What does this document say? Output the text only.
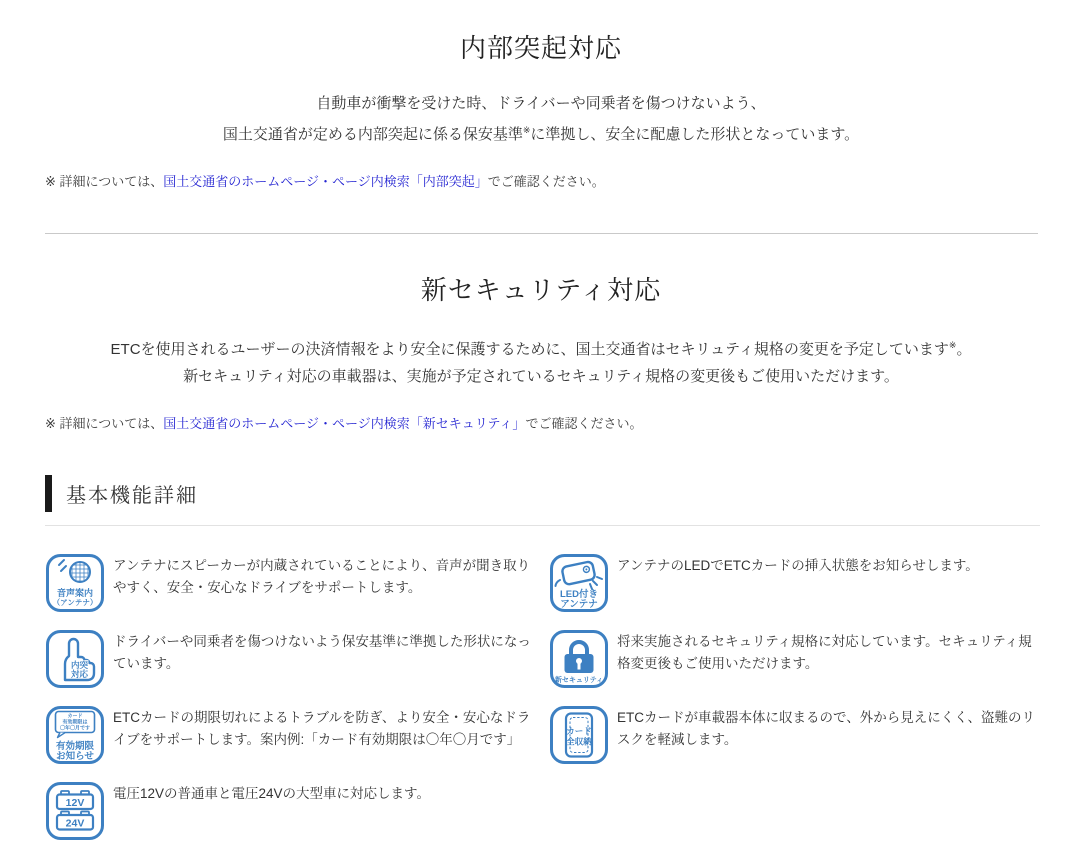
内部突起対応

自動車が衝撃を受けた時、ドライバーや同乗者を傷つけないよう、
国土交通省が定める内部突起に係る保安基準※に準拠し、安全に配慮した形状となっています。

※ 詳細については、国土交通省のホームページ・ページ内検索「内部突起」でご確認ください。

新セキュリティ対応

ETCを使用されるユーザーの決済情報をより安全に保護するために、国土交通省はセキリュティ規格の変更を予定しています※。
新セキュリティ対応の車載器は、実施が予定されているセキュリティ規格の変更後もご使用いただけます。

※ 詳細については、国土交通省のホームページ・ページ内検索「新セキュリティ」でご確認ください。

基本機能詳細
音声案内
（アンテナ）
アンテナにスピーカーが内蔵されていることにより、音声が聞き取りやすく、安全・安心なドライブをサポートします。	LED付き
アンテナ
アンテナのLEDでETCカードの挿入状態をお知らせします。
内突
対応
ドライバーや同乗者を傷つけないよう保安基準に準拠した形状になっています。
新セキュリティ
将来実施されるセキュリティ規格に対応しています。セキュリティ規格変更後もご使用いただけます。
カード
有効期限は
〇年〇月です
有効期限
お知らせ
ETCカードの期限切れによるトラブルを防ぎ、より安全・安心なドライブをサポートします。案内例:「カード有効期限は〇年〇月です」
カード
全収納
ETCカードが車載器本体に収まるので、外から見えにくく、盗難のリスクを軽減します。
12V
24V
電圧12Vの普通車と電圧24Vの大型車に対応します。
